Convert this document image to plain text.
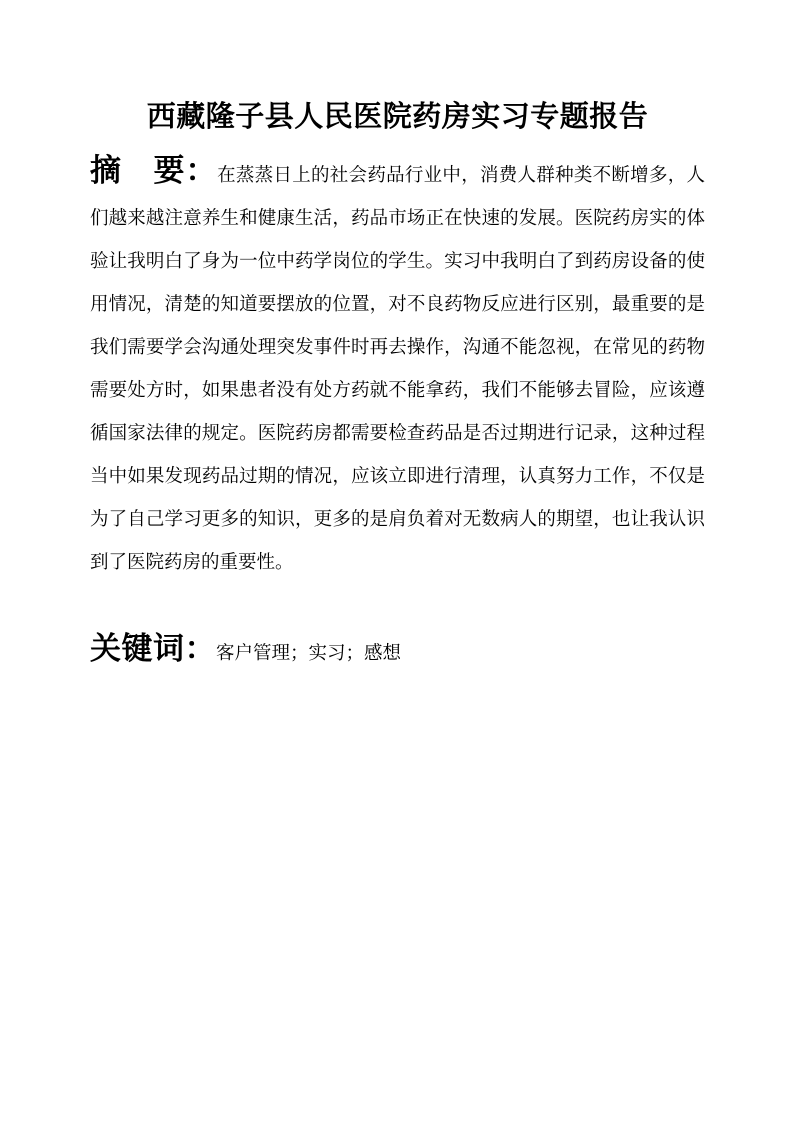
西藏隆子县人民医院药房实习专题报告

摘　要：在蒸蒸日上的社会药品行业中，消费人群种类不断增多，人们越来越注意养生和健康生活，药品市场正在快速的发展。医院药房实的体验让我明白了身为一位中药学岗位的学生。实习中我明白了到药房设备的使用情况，清楚的知道要摆放的位置，对不良药物反应进行区别，最重要的是我们需要学会沟通处理突发事件时再去操作，沟通不能忽视，在常见的药物需要处方时，如果患者没有处方药就不能拿药，我们不能够去冒险，应该遵循国家法律的规定。医院药房都需要检查药品是否过期进行记录，这种过程当中如果发现药品过期的情况，应该立即进行清理，认真努力工作，不仅是为了自己学习更多的知识，更多的是肩负着对无数病人的期望，也让我认识到了医院药房的重要性。

关键词：客户管理；实习；感想
